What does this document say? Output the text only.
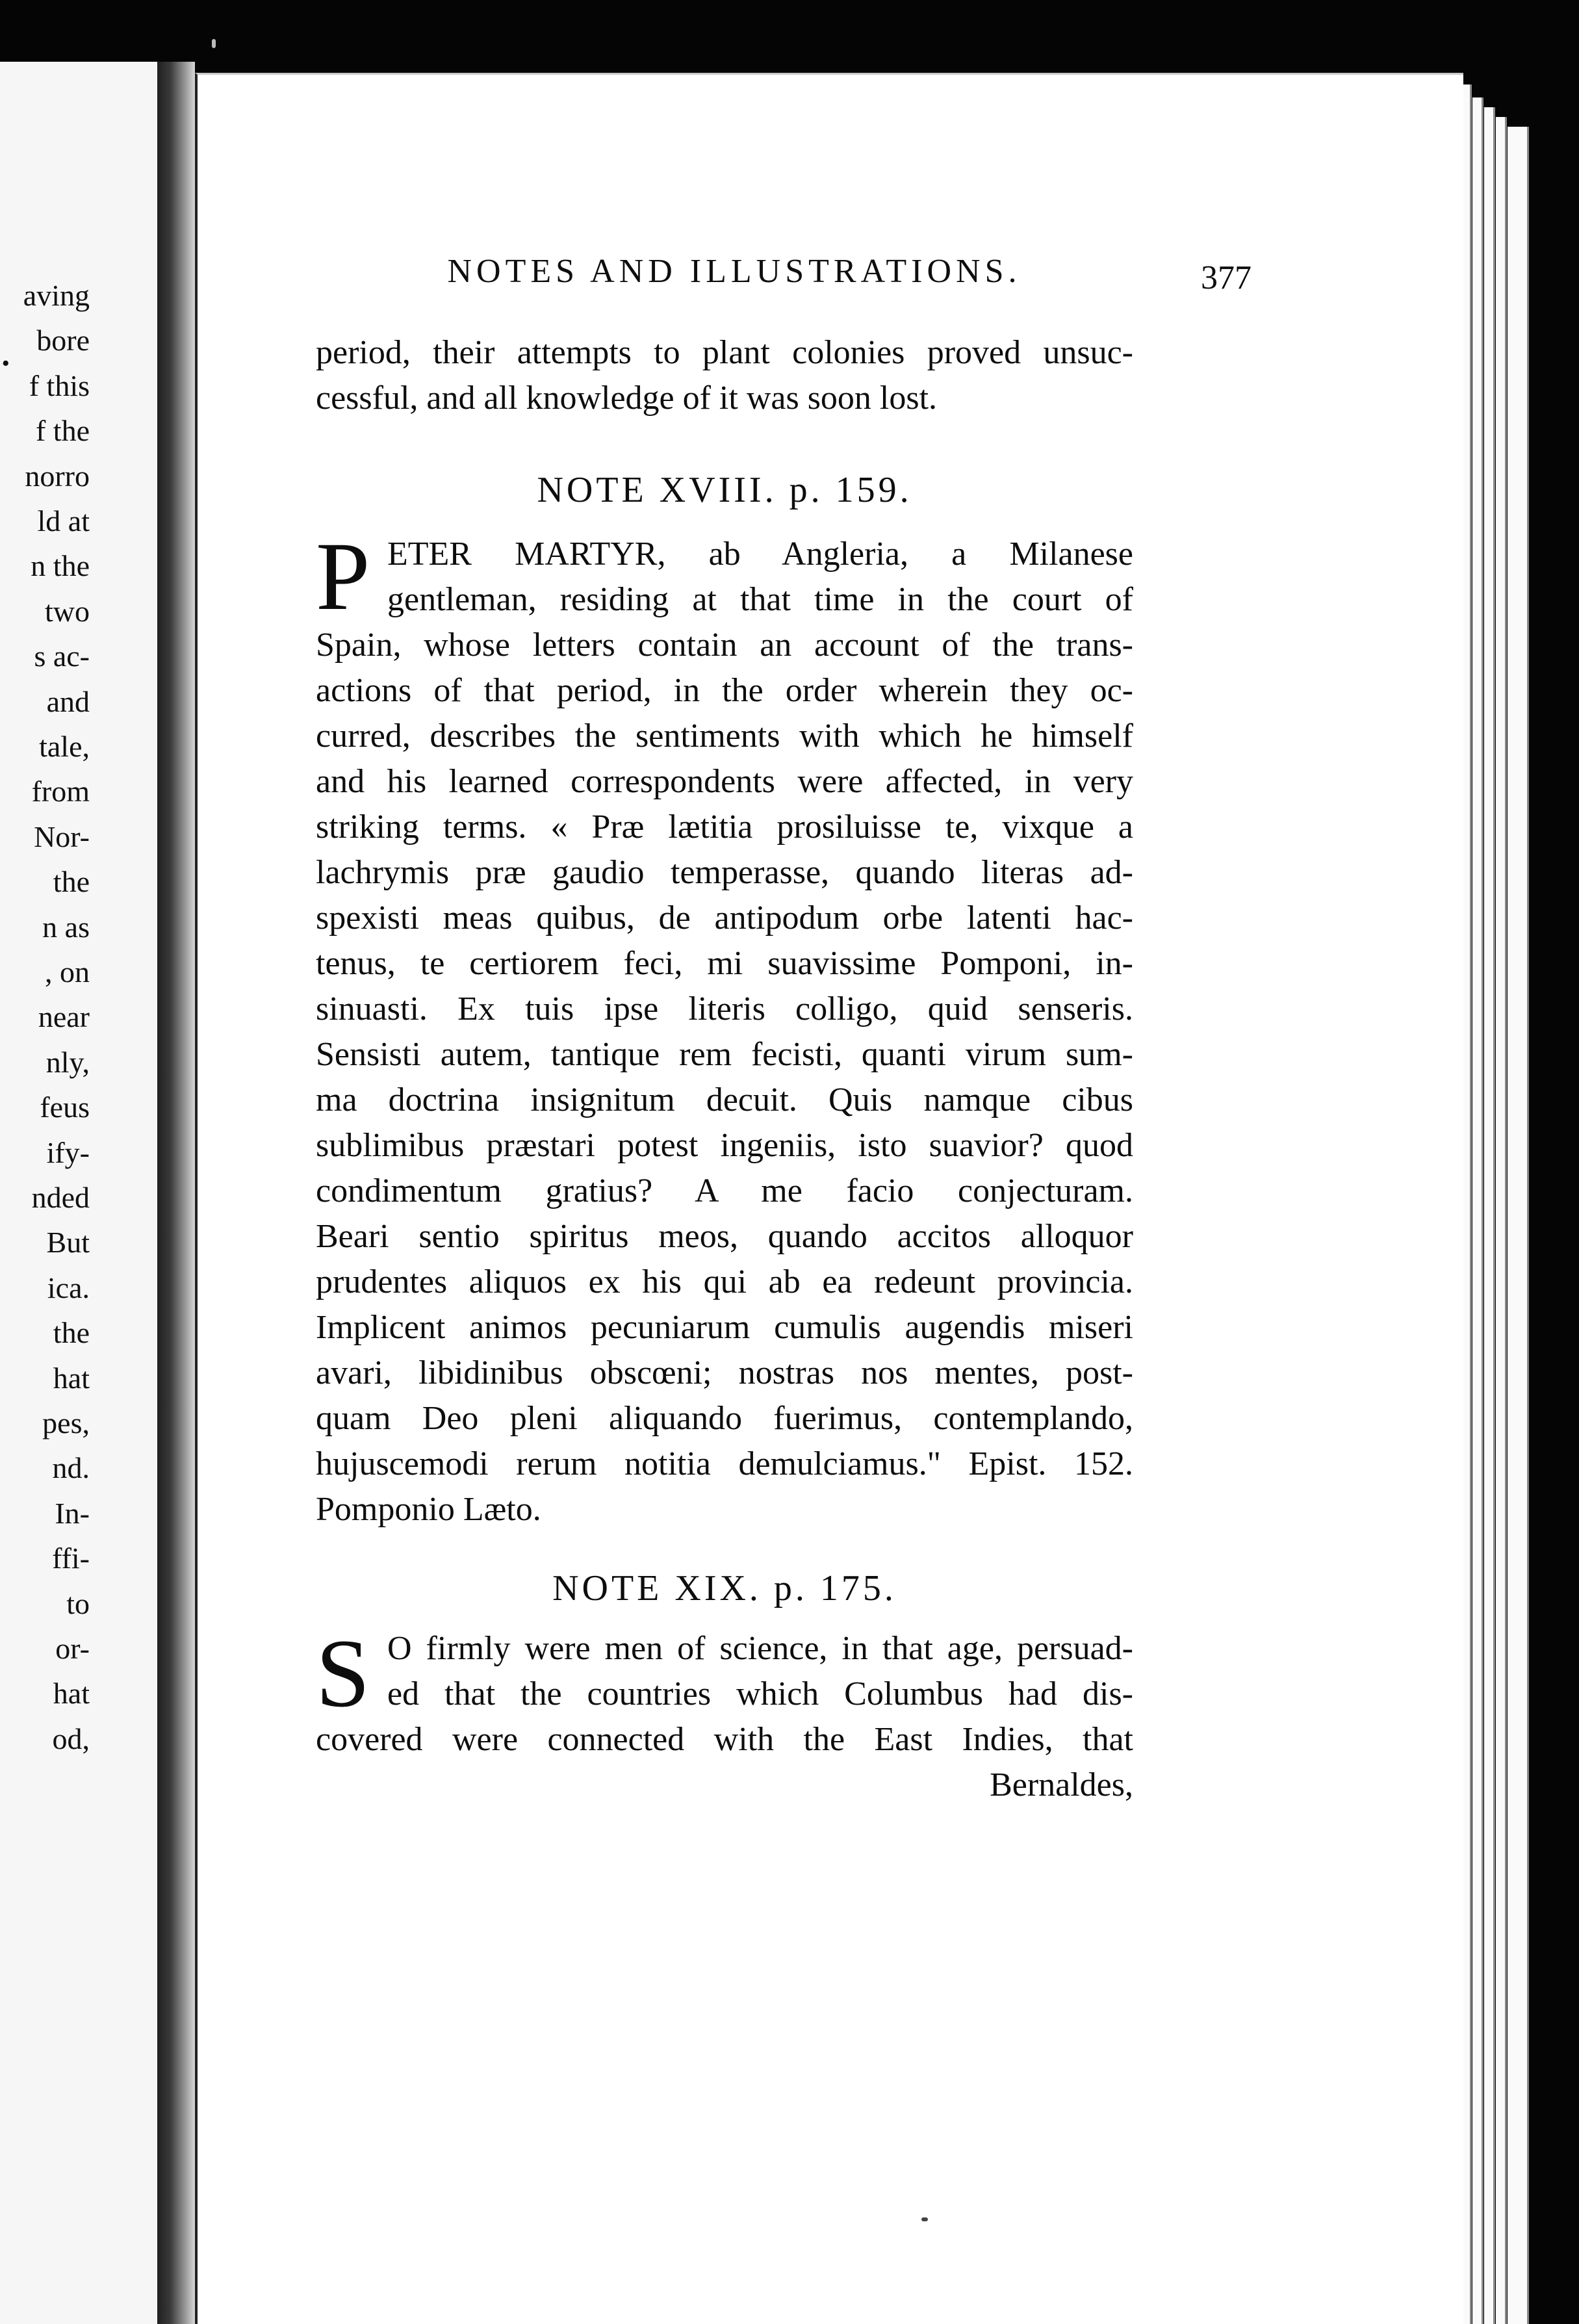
.
aving
bore
f this
f the
norro
ld at
n the
two
s ac-
and
tale,
from
Nor-
the
n as
, on
near
nly,
feus
ify-
nded
But
ica.
the
hat
pes,
nd.
In-
ffi-
to
or-
hat
od,
NOTES AND ILLUSTRATIONS.	377
period, their attempts to plant colonies proved unsuc-
cessful, and all knowledge of it was soon lost.
NOTE XVIII. p. 159.
P ETER MARTYR, ab Angleria, a Milanese
gentleman, residing at that time in the court of
Spain, whose letters contain an account of the trans-
actions of that period, in the order wherein they oc-
curred, describes the sentiments with which he himself
and his learned correspondents were affected, in very
striking terms. « Præ lætitia prosiluisse te, vixque a
lachrymis præ gaudio temperasse, quando literas ad-
spexisti meas quibus, de antipodum orbe latenti hac-
tenus, te certiorem feci, mi suavissime Pomponi, in-
sinuasti. Ex tuis ipse literis colligo, quid senseris.
Sensisti autem, tantique rem fecisti, quanti virum sum-
ma doctrina insignitum decuit. Quis namque cibus
sublimibus præstari potest ingeniis, isto suavior? quod
condimentum gratius? A me facio conjecturam.
Beari sentio spiritus meos, quando accitos alloquor
prudentes aliquos ex his qui ab ea redeunt provincia.
Implicent animos pecuniarum cumulis augendis miseri
avari, libidinibus obscœni; nostras nos mentes, post-
quam Deo pleni aliquando fuerimus, contemplando,
hujuscemodi rerum notitia demulciamus." Epist. 152.
Pomponio Læto.
NOTE XIX. p. 175.
S O firmly were men of science, in that age, persuad-
ed that the countries which Columbus had dis-
covered were connected with the East Indies, that
Bernaldes,
